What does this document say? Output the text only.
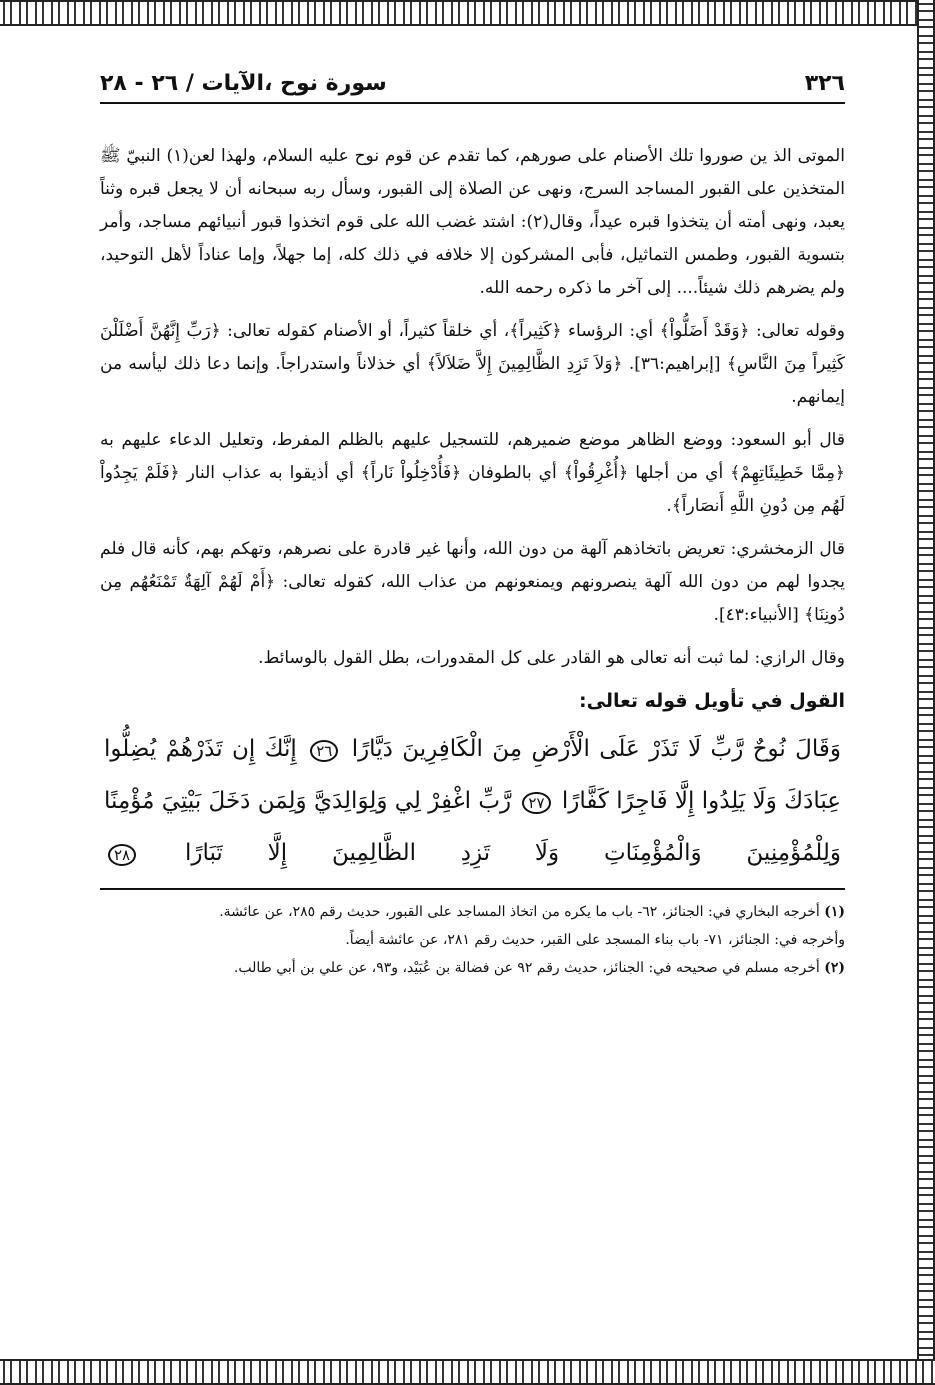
٣٢٦
سورة نوح ،الآيات / ٢٦ - ٢٨

الموتى الذ ين صوروا تلك الأصنام على صورهم، كما تقدم عن قوم نوح عليه السلام، ولهذا لعن(١) النبيّ ﷺ المتخذين على القبور المساجد السرج، ونهى عن الصلاة إلى القبور، وسأل ربه سبحانه أن لا يجعل قبره وثناً يعبد، ونهى أمته أن يتخذوا قبره عيداً، وقال(٢): اشتد غضب الله على قوم اتخذوا قبور أنبيائهم مساجد، وأمر بتسوية القبور، وطمس التماثيل، فأبى المشركون إلا خلافه في ذلك كله، إما جهلاً، وإما عناداً لأهل التوحيد، ولم يضرهم ذلك شيئاً.... إلى آخر ما ذكره رحمه الله.

وقوله تعالى: ﴿وَقَدْ أَضَلُّواْ﴾ أي: الرؤساء ﴿كَثِيراً﴾، أي خلقاً كثيراً، أو الأصنام كقوله تعالى: ﴿رَبِّ إِنَّهُنَّ أَضْلَلْنَ كَثِيراً مِنَ النَّاسِ﴾ [إبراهيم:٣٦]. ﴿وَلاَ تَزِدِ الظَّالِمِينَ إِلاَّ ضَلاَلاً﴾ أي خذلاناً واستدراجاً. وإنما دعا ذلك ليأسه من إيمانهم.

قال أبو السعود: ووضع الظاهر موضع ضميرهم، للتسجيل عليهم بالظلم المفرط، وتعليل الدعاء عليهم به ﴿مِمَّا خَطِيئَاتِهِمْ﴾ أي من أجلها ﴿أُغْرِقُواْ﴾ أي بالطوفان ﴿فَأُدْخِلُواْ نَاراً﴾ أي أذيقوا به عذاب النار ﴿فَلَمْ يَجِدُواْ لَهُم مِن دُونِ اللَّهِ أَنصَاراً﴾.

قال الزمخشري: تعريض باتخاذهم آلهة من دون الله، وأنها غير قادرة على نصرهم، وتهكم بهم، كأنه قال فلم يجدوا لهم من دون الله آلهة ينصرونهم ويمنعونهم من عذاب الله، كقوله تعالى: ﴿أَمْ لَهُمْ آلِهَةٌ تَمْنَعُهُم مِن دُونِنَا﴾ [الأنبياء:٤٣].

وقال الرازي: لما ثبت أنه تعالى هو القادر على كل المقدورات، بطل القول بالوسائط.

القول في تأويل قوله تعالى:
وَقَالَ نُوحٌ رَّبِّ لَا تَذَرْ عَلَى الْأَرْضِ مِنَ الْكَافِرِينَ دَيَّارًا ٢٦ إِنَّكَ إِن تَذَرْهُمْ يُضِلُّوا عِبَادَكَ وَلَا يَلِدُوا إِلَّا فَاجِرًا كَفَّارًا ٢٧ رَّبِّ اغْفِرْ لِي وَلِوَالِدَيَّ وَلِمَن دَخَلَ بَيْتِيَ مُؤْمِنًا وَلِلْمُؤْمِنِينَ وَالْمُؤْمِنَاتِ وَلَا تَزِدِ الظَّالِمِينَ إِلَّا تَبَارًا ٢٨

(١) أخرجه البخاري في: الجنائز، ٦٢- باب ما يكره من اتخاذ المساجد على القبور، حديث رقم ٢٨٥، عن عائشة.

وأخرجه في: الجنائز، ٧١- باب بناء المسجد على القبر، حديث رقم ٢٨١، عن عائشة أيضاً.

(٢) أخرجه مسلم في صحيحه في: الجنائز، حديث رقم ٩٢ عن فضالة بن عُبَيْد، و٩٣، عن علي بن أبي طالب.
